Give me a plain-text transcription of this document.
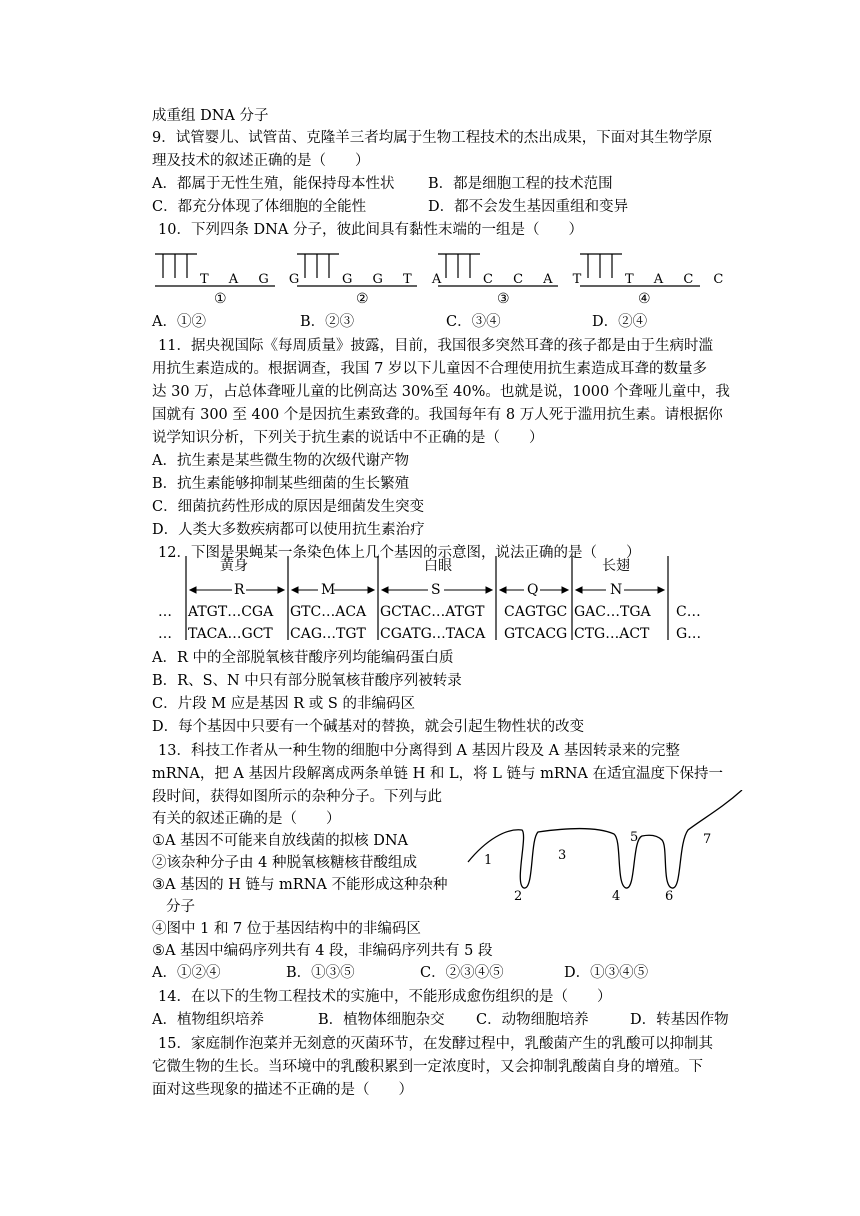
成重组 DNA 分子
9．试管婴儿、试管苗、克隆羊三者均属于生物工程技术的杰出成果，下面对其生物学原
理及技术的叙述正确的是（　　）
A．都属于无性生殖，能保持母本性状 B．都是细胞工程的技术范围
C．都充分体现了体细胞的全能性	D．都不会发生基因重组和变异
10．下列四条 DNA 分子，彼此间具有黏性末端的一组是（　　）
T A G G
①
G G T A
②
C C A T
③
T A C C
④
A．①②	B．②③	C．③④	D．②④
11．据央视国际《每周质量》披露，目前，我国很多突然耳聋的孩子都是由于生病时滥
用抗生素造成的。根据调查，我国 7 岁以下儿童因不合理使用抗生素造成耳聋的数量多
达 30 万，占总体聋哑儿童的比例高达 30%至 40%。也就是说，1000 个聋哑儿童中，我
国就有 300 至 400 个是因抗生素致聋的。我国每年有 8 万人死于滥用抗生素。请根据你
说学知识分析，下列关于抗生素的说话中不正确的是（　　）
A．抗生素是某些微生物的次级代谢产物
B．抗生素能够抑制某些细菌的生长繁殖
C．细菌抗药性形成的原因是细菌发生突变
D．人类大多数疾病都可以使用抗生素治疗
12．下图是果蝇某一条染色体上几个基因的示意图，说法正确的是（　　）
黄身	白眼	长翅
R	M	S	Q	N
… ATGT…CGA GTC…ACA GCTAC…ATGT CAGTGC GAC…TGA C…
… TACA…GCT CAG…TGT CGATG…TACA GTCACG CTG…ACT G…
A．R 中的全部脱氧核苷酸序列均能编码蛋白质
B．R、S、N 中只有部分脱氧核苷酸序列被转录
C．片段 M 应是基因 R 或 S 的非编码区
D．每个基因中只要有一个碱基对的替换，就会引起生物性状的改变
13．科技工作者从一种生物的细胞中分离得到 A 基因片段及 A 基因转录来的完整
mRNA，把 A 基因片段解离成两条单链 H 和 L，将 L 链与 mRNA 在适宜温度下保持一
段时间，获得如图所示的杂种分子。下列与此
有关的叙述正确的是（　　）
①A 基因不可能来自放线菌的拟核 DNA
②该杂种分子由 4 种脱氧核糖核苷酸组成
③A 基因的 H 链与 mRNA 不能形成这种杂种
分子
④图中 1 和 7 位于基因结构中的非编码区
⑤A 基因中编码序列共有 4 段，非编码序列共有 5 段
1
2
3
4
5
6
7
A．①②④	B．①③⑤	C．②③④⑤	D．①③④⑤
14．在以下的生物工程技术的实施中，不能形成愈伤组织的是（　　）
A．植物组织培养	B．植物体细胞杂交 C．动物细胞培养	D．转基因作物
15．家庭制作泡菜并无刻意的灭菌环节，在发酵过程中，乳酸菌产生的乳酸可以抑制其
它微生物的生长。当环境中的乳酸积累到一定浓度时，又会抑制乳酸菌自身的增殖。下
面对这些现象的描述不正确的是（　　）
